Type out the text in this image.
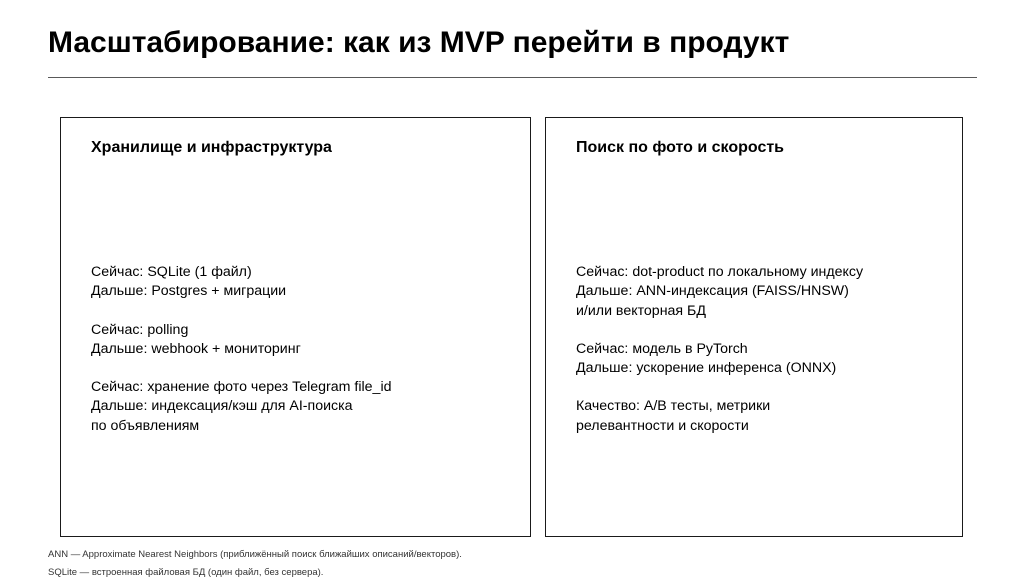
Масштабирование: как из MVP перейти в продукт
Хранилище и инфраструктура
Сейчас: SQLite (1 файл)
Дальше: Postgres + миграции
Сейчас: polling
Дальше: webhook + мониторинг
Сейчас: хранение фото через Telegram file_id
Дальше: индексация/кэш для AI-поиска
по объявлениям
Поиск по фото и скорость
Сейчас: dot-product по локальному индексу
Дальше: ANN-индексация (FAISS/HNSW)
и/или векторная БД
Сейчас: модель в PyTorch
Дальше: ускорение инференса (ONNX)
Качество: A/B тесты, метрики
релевантности и скорости
ANN — Approximate Nearest Neighbors (приближённый поиск ближайших описаний/векторов).
SQLite — встроенная файловая БД (один файл, без сервера).
